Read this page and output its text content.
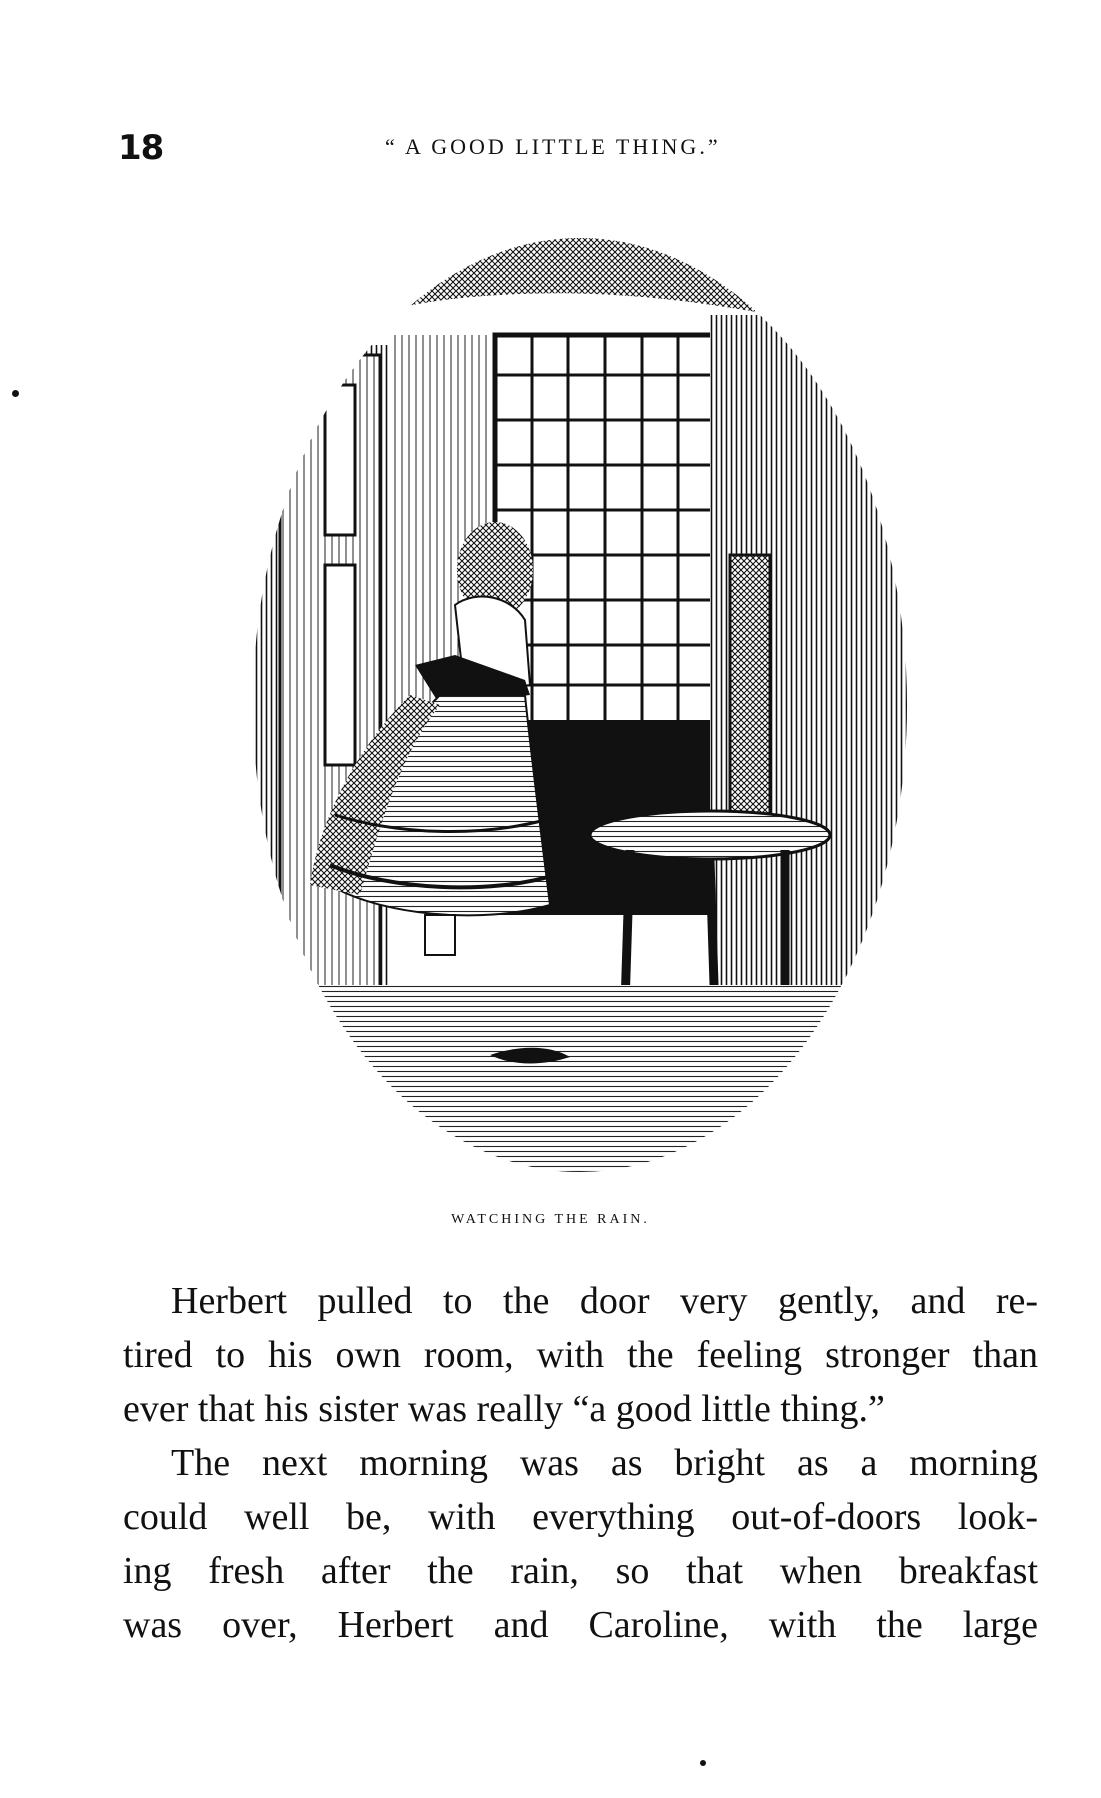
18	“ A GOOD LITTLE THING.”
WATCHING THE RAIN.
Herbert pulled to the door very gently, and re-
tired to his own room, with the feeling stronger than
ever that his sister was really “a good little thing.”
The next morning was as bright as a morning
could well be, with everything out-of-doors look-
ing fresh after the rain, so that when breakfast
was over, Herbert and Caroline, with the large
